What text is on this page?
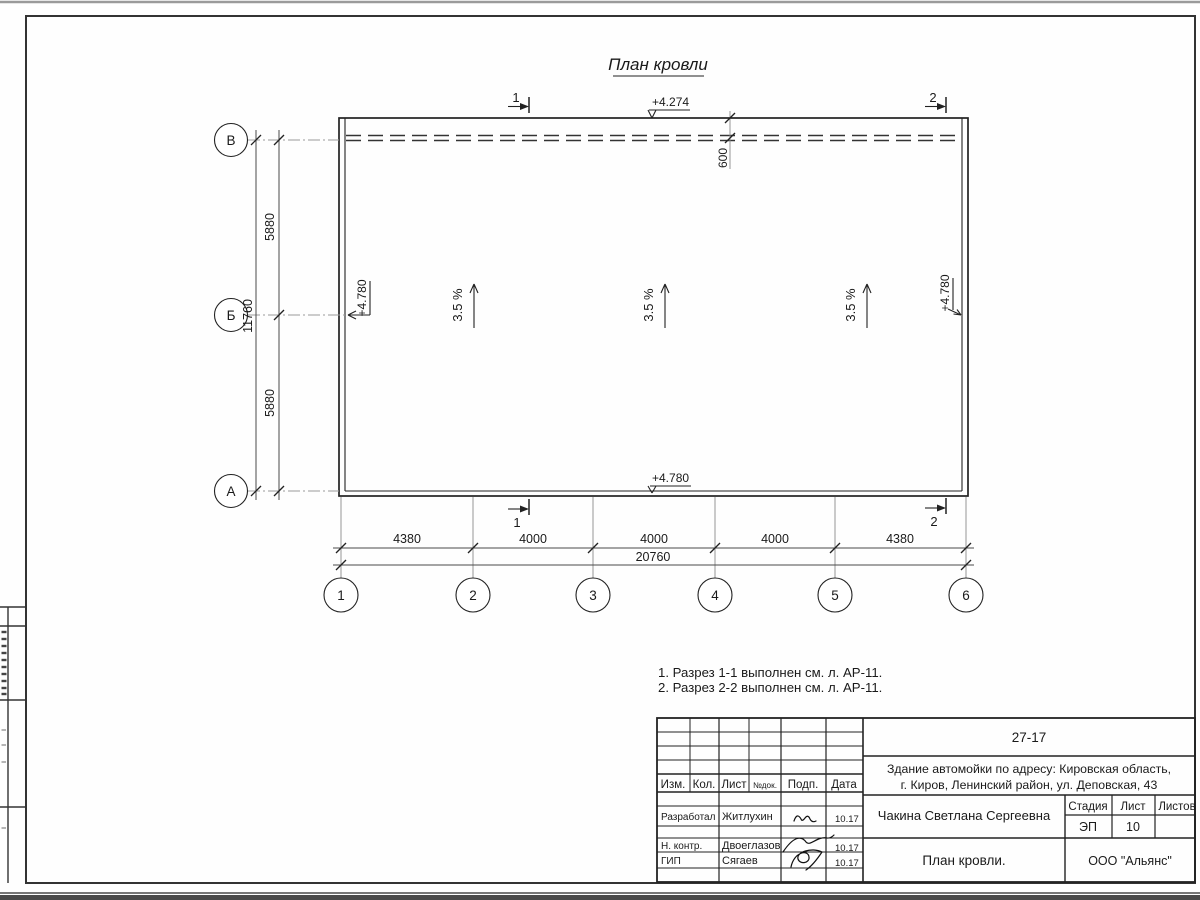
План кровли
В
Б
А
5880
5880
11760
4380	4000	4000	4000	4380
20760
1	2	3	4	5	6
600
+4.274
+4.780
+4.780	+4.780
3.5 %	3.5 %	3.5 %
1	2
1	2
1. Разрез 1-1 выполнен см. л. АР-11.
2. Разрез 2-2 выполнен см. л. АР-11.
27-17
Здание автомойки по адресу: Кировская область,
г. Киров, Ленинский район, ул. Деповская, 43
Изм. Кол. Лист №док. Подп. Дата
Разработал Житлухин	10.17
Н. контр. Двоеглазов	10.17
ГИП	Сягаев	10.17
Чакина Светлана Сергеевна
Стадия Лист Листов
ЭП 10
План кровли.	ООО "Альянс"
